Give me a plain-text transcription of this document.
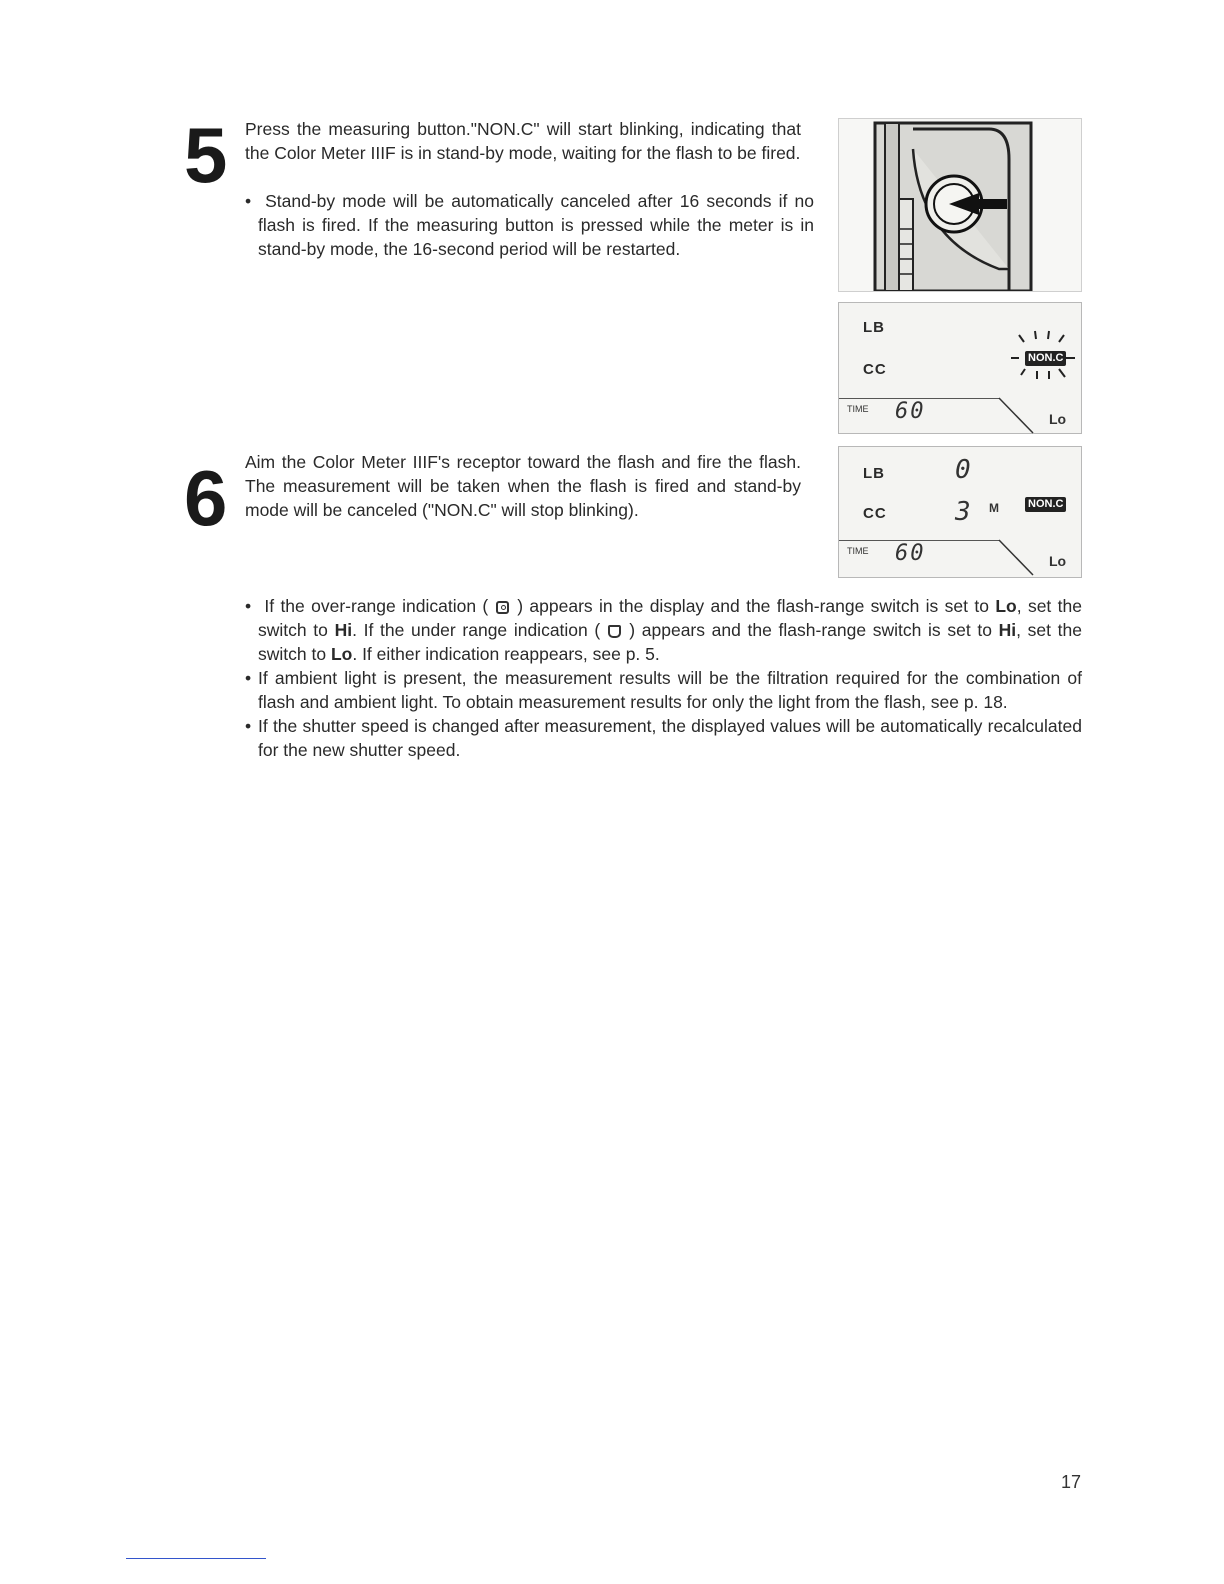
5 Press the measuring button."NON.C" will start blinking, indicating that the Color Meter IIIF is in stand-by mode, waiting for the flash to be fired.

• Stand-by mode will be automatically canceled after 16 seconds if no flash is fired. If the measuring button is pressed while the meter is in stand-by mode, the 16-second period will be restarted.

LB
CC
NON.C
TIME 60	Lo
6 Aim the Color Meter IIIF's receptor toward the flash and fire the flash. The measurement will be taken when the flash is fired and stand-by mode will be canceled ("NON.C" will stop blinking).

LB
CC
0
3 M	NON.C
TIME 60	Lo

• If the over-range indication ( ) appears in the display and the flash-range switch is set to Lo, set the switch to Hi. If the under range indication ( ) appears and the flash-range switch is set to Hi, set the switch to Lo. If either indication reappears, see p. 5.

• If ambient light is present, the measurement results will be the filtration required for the combination of flash and ambient light. To obtain measurement results for only the light from the flash, see p. 18.

• If the shutter speed is changed after measurement, the displayed values will be automatically recalculated for the new shutter speed.

17
